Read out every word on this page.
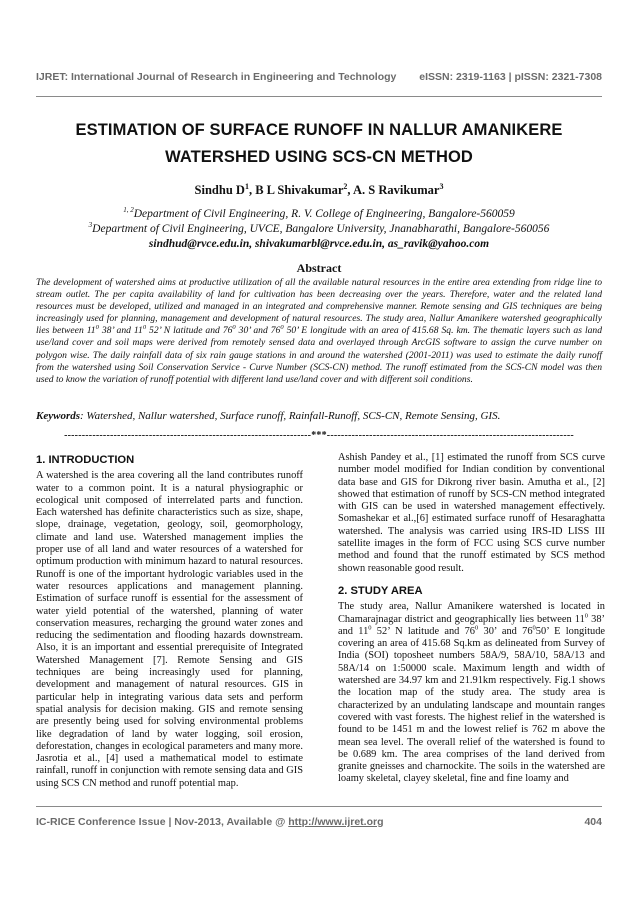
IJRET: International Journal of Research in Engineering and Technology eISSN: 2319-1163 | pISSN: 2321-7308
ESTIMATION OF SURFACE RUNOFF IN NALLUR AMANIKERE
WATERSHED USING SCS-CN METHOD
Sindhu $D^1$, B L Shivakumar$^2$, A. S Ravikumar$^3$
$^{1, 2}$Department of Civil Engineering, R. V. College of Engineering, Bangalore-560059
$^3$Department of Civil Engineering, UVCE, Bangalore University, Jnanabharathi, Bangalore-560056
sindhud@rvce.edu.in, shivakumarbl@rvce.edu.in, as_ravik@yahoo.com
Abstract
The development of watershed aims at productive utilization of all the available natural resources in the entire area extending from ridge line to stream outlet. The per capita availability of land for cultivation has been decreasing over the years. Therefore, water and the related land resources must be developed, utilized and managed in an integrated and comprehensive manner. Remote sensing and GIS techniques are being increasingly used for planning, management and development of natural resources. The study area, Nallur Amanikere watershed geographically lies between $11^0$ 38’ and $11^0$ 52’ N latitude and $76^0$ 30’ and $76^0$ 50’ E longitude with an area of 415.68 Sq. km. The thematic layers such as land use/land cover and soil maps were derived from remotely sensed data and overlayed through ArcGIS software to assign the curve number on polygon wise. The daily rainfall data of six rain gauge stations in and around the watershed (2001-2011) was used to estimate the daily runoff from the watershed using Soil Conservation Service - Curve Number (SCS-CN) method. The runoff estimated from the SCS-CN model was then used to know the variation of runoff potential with different land use/land cover and with different soil conditions.
Keywords: Watershed, Nallur watershed, Surface runoff, Rainfall-Runoff, SCS-CN, Remote Sensing, GIS.
----------------------------------------------------------------------***----------------------------------------------------------------------
1. INTRODUCTION
A watershed is the area covering all the land contributes runoff water to a common point. It is a natural physiographic or ecological unit composed of interrelated parts and function. Each watershed has definite characteristics such as size, shape, slope, drainage, vegetation, geology, soil, geomorphology, climate and land use. Watershed management implies the proper use of all land and water resources of a watershed for optimum production with minimum hazard to natural resources. Runoff is one of the important hydrologic variables used in the water resources applications and management planning. Estimation of surface runoff is essential for the assessment of water yield potential of the watershed, planning of water conservation measures, recharging the ground water zones and reducing the sedimentation and flooding hazards downstream. Also, it is an important and essential prerequisite of Integrated Watershed Management [7]. Remote Sensing and GIS techniques are being increasingly used for planning, development and management of natural resources. GIS in particular help in integrating various data sets and perform spatial analysis for decision making. GIS and remote sensing are presently being used for solving environmental problems like degradation of land by water logging, soil erosion, deforestation, changes in ecological parameters and many more. Jasrotia et al., [4] used a mathematical model to estimate rainfall, runoff in conjunction with remote sensing data and GIS using SCS CN method and runoff potential map.
Ashish Pandey et al., [1] estimated the runoff from SCS curve number model modified for Indian condition by conventional data base and GIS for Dikrong river basin. Amutha et al., [2] showed that estimation of runoff by SCS-CN method integrated with GIS can be used in watershed management effectively. Somashekar et al.,[6] estimated surface runoff of Hesaraghatta watershed. The analysis was carried using IRS-ID LISS III satellite images in the form of FCC using SCS curve number method and found that the runoff estimated by SCS method shown reasonable good result.
2. STUDY AREA
The study area, Nallur Amanikere watershed is located in Chamarajnagar district and geographically lies between $11^0$ 38’ and $11^0$ 52’ N latitude and $76^0$ 30’ and $76^050$’ E longitude covering an area of 415.68 Sq.km as delineated from Survey of India (SOI) toposheet numbers 58A/9, 58A/10, 58A/13 and 58A/14 on 1:50000 scale. Maximum length and width of watershed are 34.97 km and 21.91km respectively. Fig.1 shows the location map of the study area. The study area is characterized by an undulating landscape and mountain ranges covered with vast forests. The highest relief in the watershed is found to be 1451 m and the lowest relief is 762 m above the mean sea level. The overall relief of the watershed is found to be 0.689 km. The area comprises of the land derived from granite gneisses and charnockite. The soils in the watershed are loamy skeletal, clayey skeletal, fine and fine loamy and
IC-RICE Conference Issue | Nov-2013, Available @ http://www.ijret.org	404
